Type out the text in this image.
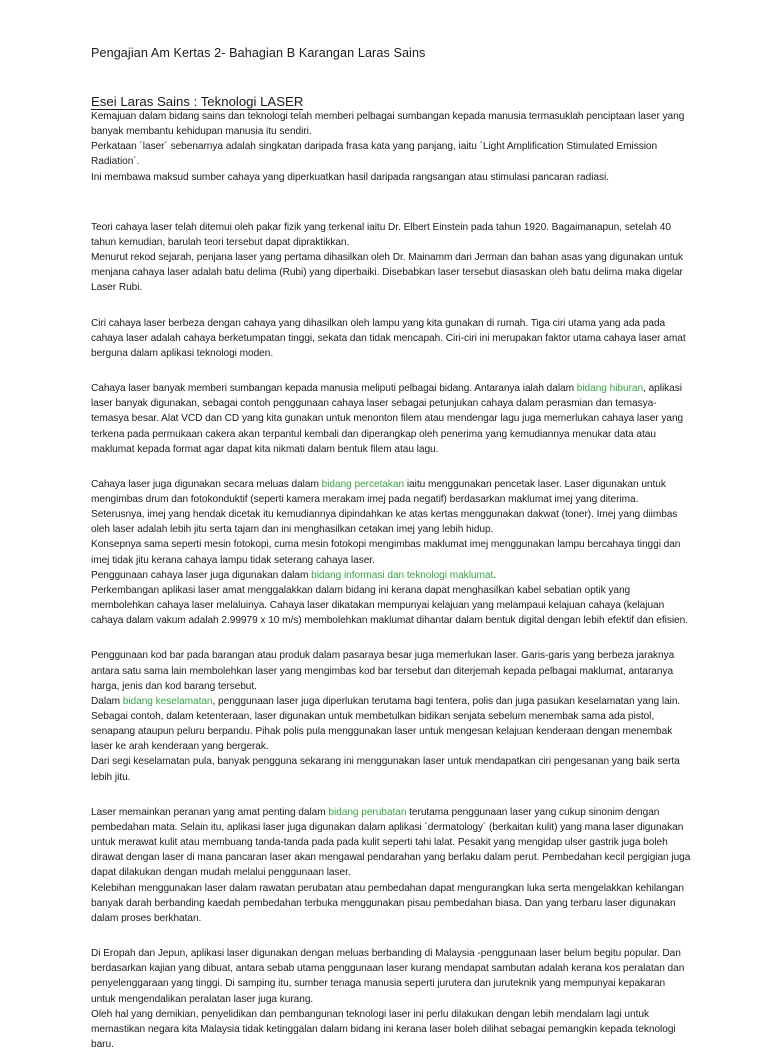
Pengajian Am Kertas 2- Bahagian B Karangan Laras Sains
Esei Laras Sains : Teknologi LASER

Kemajuan dalam bidang sains dan teknologi telah memberi pelbagai sumbangan kepada manusia termasuklah penciptaan laser yang banyak membantu kehidupan manusia itu sendiri.

Perkataan ´laser´ sebenarnya adalah singkatan daripada frasa kata yang panjang, iaitu ´Light Amplification Stimulated Emission Radiation´.

Ini membawa maksud sumber cahaya yang diperkuatkan hasil daripada rangsangan atau stimulasi pancaran radiasi.

Teori cahaya laser telah ditemui oleh pakar fizik yang terkenal iaitu Dr. Elbert Einstein pada tahun 1920. Bagaimanapun, setelah 40 tahun kemudian, barulah teori tersebut dapat dipraktikkan.

Menurut rekod sejarah, penjana laser yang pertama dihasilkan oleh Dr. Mainamm dari Jerman dan bahan asas yang digunakan untuk menjana cahaya laser adalah batu delima (Rubi) yang diperbaiki. Disebabkan laser tersebut diasaskan oleh batu delima maka digelar Laser Rubi.

Ciri cahaya laser berbeza dengan cahaya yang dihasilkan oleh lampu yang kita gunakan di rumah. Tiga ciri utama yang ada pada cahaya laser adalah cahaya berketumpatan tinggi, sekata dan tidak mencapah. Ciri-ciri ini merupakan faktor utama cahaya laser amat berguna dalam aplikasi teknologi moden.

Cahaya laser banyak memberi sumbangan kepada manusia meliputi pelbagai bidang. Antaranya ialah dalam bidang hiburan, aplikasi laser banyak digunakan, sebagai contoh penggunaan cahaya laser sebagai petunjukan cahaya dalam perasmian dan temasya-temasya besar. Alat VCD dan CD yang kita gunakan untuk menonton filem atau mendengar lagu juga memerlukan cahaya laser yang terkena pada permukaan cakera akan terpantul kembali dan diperangkap oleh penerima yang kemudiannya menukar data atau maklumat kepada format agar dapat kita nikmati dalam bentuk filem atau lagu.

Cahaya laser juga digunakan secara meluas dalam bidang percetakan iaitu menggunakan pencetak laser. Laser digunakan untuk mengimbas drum dan fotokonduktif (seperti kamera merakam imej pada negatif) berdasarkan maklumat imej yang diterima. Seterusnya, imej yang hendak dicetak itu kemudiannya dipindahkan ke atas kertas menggunakan dakwat (toner). Imej yang diimbas oleh laser adalah lebih jitu serta tajam dan ini menghasilkan cetakan imej yang lebih hidup.

Konsepnya sama seperti mesin fotokopi, cuma mesin fotokopi mengimbas maklumat imej menggunakan lampu bercahaya tinggi dan imej tidak jitu kerana cahaya lampu tidak seterang cahaya laser.

Penggunaan cahaya laser juga digunakan dalam bidang informasi dan teknologi maklumat.

Perkembangan aplikasi laser amat menggalakkan dalam bidang ini kerana dapat menghasilkan kabel sebatian optik yang membolehkan cahaya laser melaluinya. Cahaya laser dikatakan mempunyai kelajuan yang melampaui kelajuan cahaya (kelajuan cahaya dalam vakum adalah 2.99979 x 10 m/s) membolehkan maklumat dihantar dalam bentuk digital dengan lebih efektif dan efisien.

Penggunaan kod bar pada barangan atau produk dalam pasaraya besar juga memerlukan laser. Garis-garis yang berbeza jaraknya antara satu sama lain membolehkan laser yang mengimbas kod bar tersebut dan diterjemah kepada pelbagai maklumat, antaranya harga, jenis dan kod barang tersebut.

Dalam bidang keselamatan, penggunaan laser juga diperlukan terutama bagi tentera, polis dan juga pasukan keselamatan yang lain. Sebagai contoh, dalam ketenteraan, laser digunakan untuk membetulkan bidikan senjata sebelum menembak sama ada pistol, senapang ataupun peluru berpandu. Pihak polis pula menggunakan laser untuk mengesan kelajuan kenderaan dengan menembak laser ke arah kenderaan yang bergerak.

Dari segi keselamatan pula, banyak pengguna sekarang ini menggunakan laser untuk mendapatkan ciri pengesanan yang baik serta lebih jitu.

Laser memainkan peranan yang amat penting dalam bidang perubatan terutama penggunaan laser yang cukup sinonim dengan pembedahan mata. Selain itu, aplikasi laser juga digunakan dalam aplikasi ´dermatology´ (berkaitan kulit) yang mana laser digunakan untuk merawat kulit atau membuang tanda-tanda pada pada kulit seperti tahi lalat. Pesakit yang mengidap ulser gastrik juga boleh dirawat dengan laser di mana pancaran laser akan mengawal pendarahan yang berlaku dalam perut. Pembedahan kecil pergigian juga dapat dilakukan dengan mudah melalui penggunaan laser.

Kelebihan menggunakan laser dalam rawatan perubatan atau pembedahan dapat mengurangkan luka serta mengelakkan kehilangan banyak darah berbanding kaedah pembedahan terbuka menggunakan pisau pembedahan biasa. Dan yang terbaru laser digunakan dalam proses berkhatan.

Di Eropah dan Jepun, aplikasi laser digunakan dengan meluas berbanding di Malaysia -penggunaan laser belum begitu popular. Dan berdasarkan kajian yang dibuat, antara sebab utama penggunaan laser kurang mendapat sambutan adalah kerana kos peralatan dan penyelenggaraan yang tinggi. Di samping itu, sumber tenaga manusia seperti jurutera dan juruteknik yang mempunyai kepakaran untuk mengendalikan peralatan laser juga kurang.

Oleh hal yang demikian, penyelidikan dan pembangunan teknologi laser ini perlu dilakukan dengan lebih mendalam lagi untuk memastikan negara kita Malaysia tidak ketinggalan dalam bidang ini kerana laser boleh dilihat sebagai pemangkin kepada teknologi baru.
